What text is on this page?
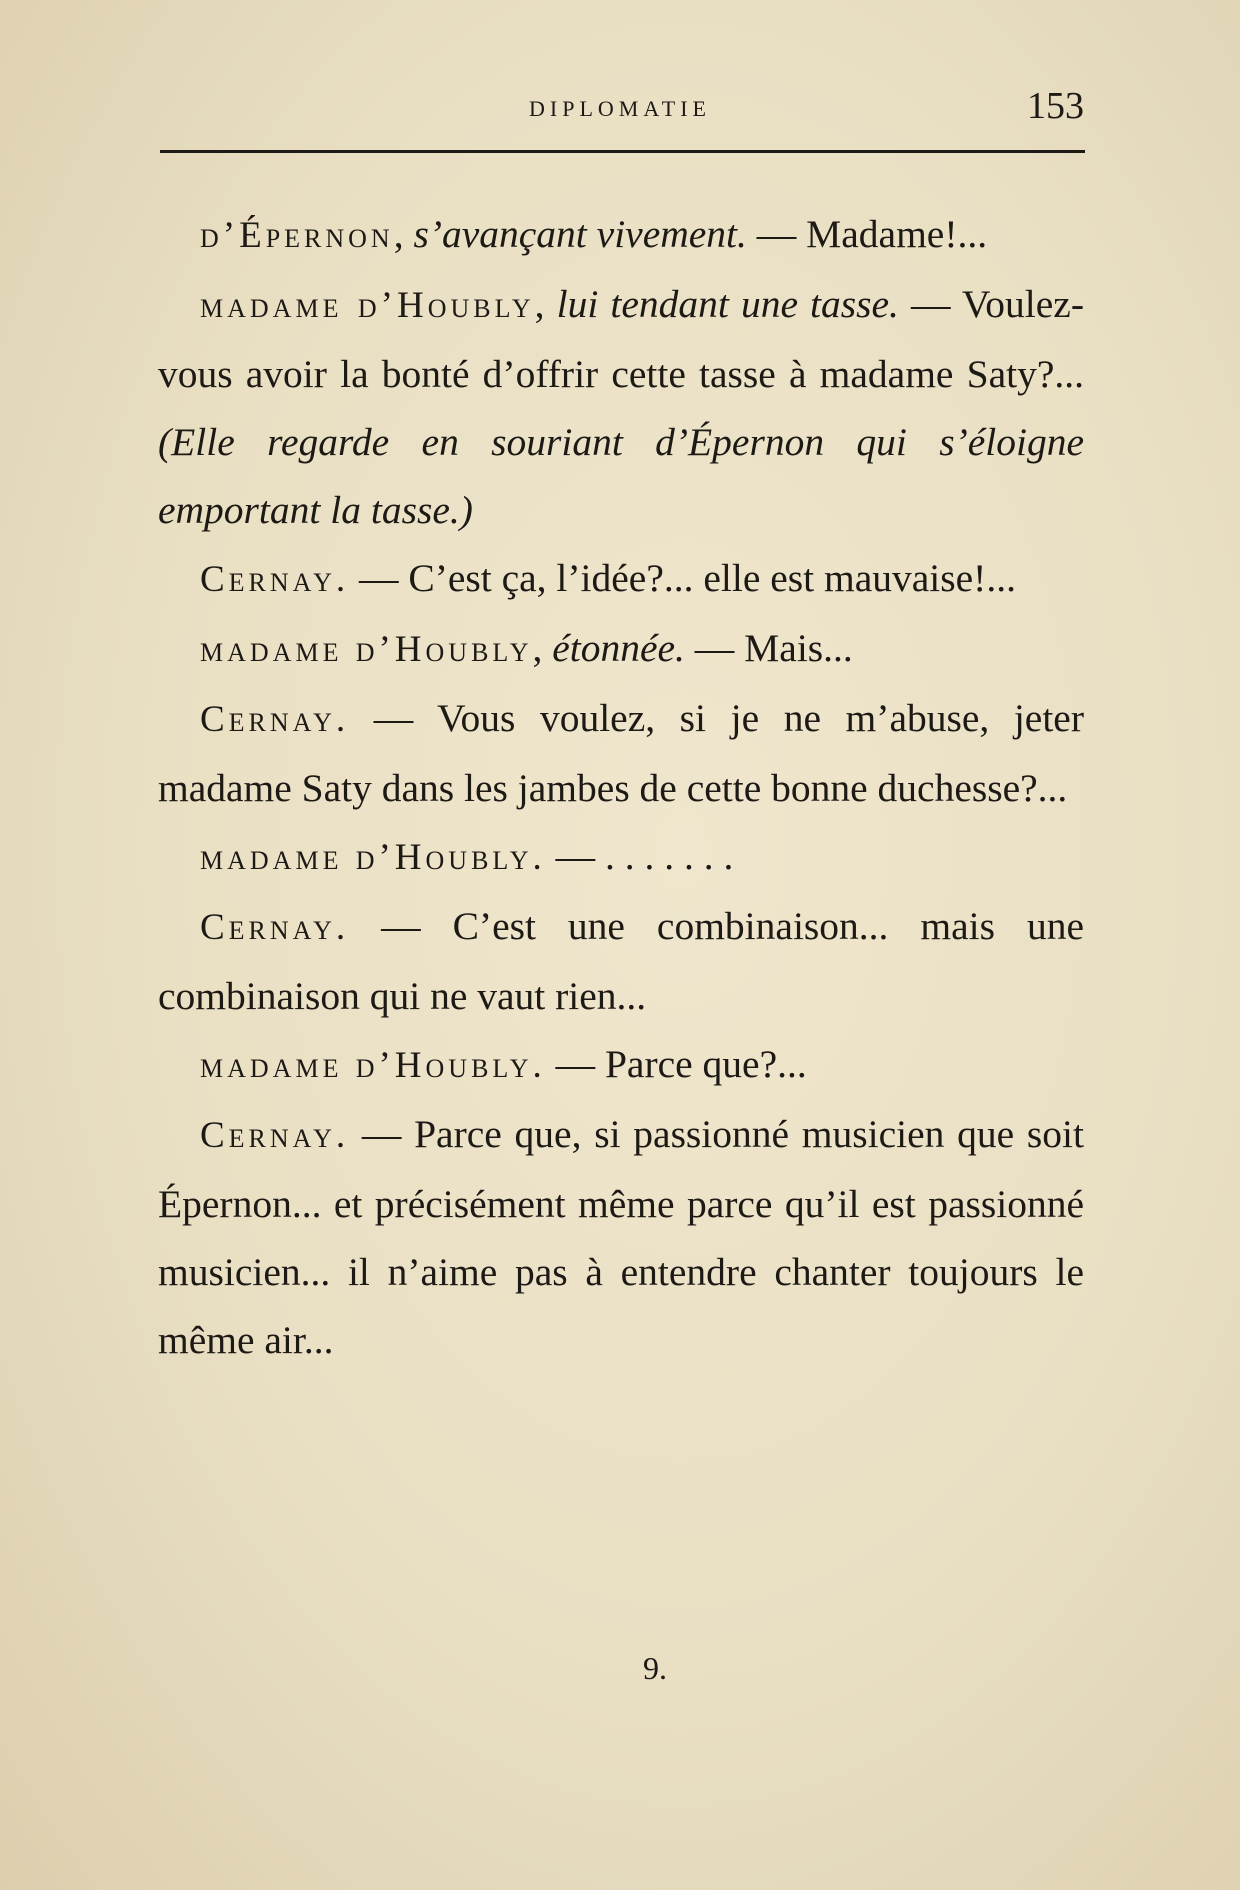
DIPLOMATIE	153

d’Épernon, s’avançant vivement. — Madame!...

madame d’Houbly, lui tendant une tasse. — Voulez-vous avoir la bonté d’offrir cette tasse à madame Saty?... (Elle regarde en souriant d’Épernon qui s’éloigne emportant la tasse.)

Cernay. — C’est ça, l’idée?... elle est mauvaise!...

madame d’Houbly, étonnée. — Mais...

Cernay. — Vous voulez, si je ne m’abuse, jeter madame Saty dans les jambes de cette bonne duchesse?...

madame d’Houbly. — . . . . . . .

Cernay. — C’est une combinaison... mais une combinaison qui ne vaut rien...

madame d’Houbly. — Parce que?...

Cernay. — Parce que, si passionné musicien que soit Épernon... et précisément même parce qu’il est passionné musicien... il n’aime pas à entendre chanter toujours le même air...

9.
